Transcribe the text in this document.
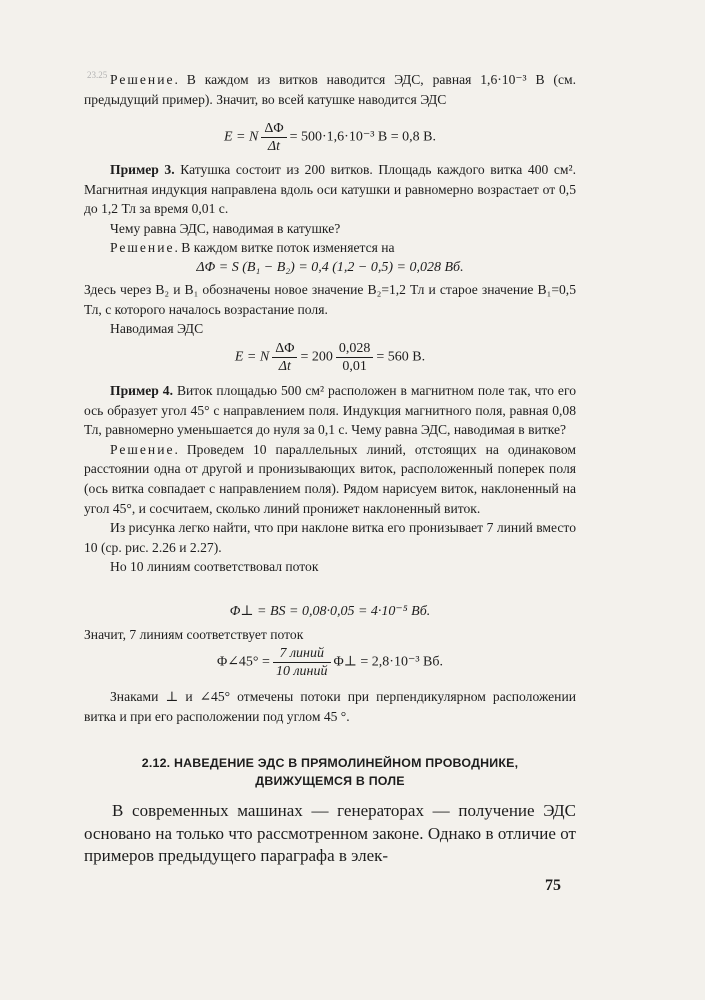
23.25 Решение. В каждом из витков наводится ЭДС, равная 1,6·10⁻³ В (см. предыдущий пример). Значит, во всей катушке наводится ЭДС

E = N $\frac{\Delta\Phi}{\Delta t} = 500\cdot 1,6\cdot 10^{-3}$ В = 0,8 В.

Пример 3. Катушка состоит из 200 витков. Площадь каждого витка 400 см². Магнитная индукция направлена вдоль оси катушки и равномерно возрастает от 0,5 до 1,2 Тл за время 0,01 с.

Чему равна ЭДС, наводимая в катушке?

Решение. В каждом витке поток изменяется на

ΔΦ = S (B₁ − B₂) = 0,4 (1,2 − 0,5) = 0,028 Вб.

Здесь через B₂ и B₁ обозначены новое значение B₂=1,2 Тл и старое значение B₁=0,5 Тл, с которого началось возрастание поля.

Наводимая ЭДС

E = N $\frac{\Delta\Phi}{\Delta t} = 200 \frac{0,028}{0,01} = 560$ В.

Пример 4. Виток площадью 500 см² расположен в магнитном поле так, что его ось образует угол 45° с направлением поля. Индукция магнитного поля, равная 0,08 Тл, равномерно уменьшается до нуля за 0,1 с. Чему равна ЭДС, наводимая в витке?

Решение. Проведем 10 параллельных линий, отстоящих на одинаковом расстоянии одна от другой и пронизывающих виток, расположенный поперек поля (ось витка совпадает с направлением поля). Рядом нарисуем виток, наклоненный на угол 45°, и сосчитаем, сколько линий пронижет наклоненный виток.

Из рисунка легко найти, что при наклоне витка его пронизывает 7 линий вместо 10 (ср. рис. 2.26 и 2.27).

Но 10 линиям соответствовал поток

Φ⊥ = BS = 0,08·0,05 = 4·10⁻⁵ Вб.

Значит, 7 линиям соответствует поток

Φ∠45° = $\frac{\text{7 линий}}{\text{10 линий}}$ Φ⊥ = 2,8·10⁻³ Вб.

Знаками ⊥ и ∠45° отмечены потоки при перпендикулярном расположении витка и при его расположении под углом 45 °.

2.12. НАВЕДЕНИЕ ЭДС В ПРЯМОЛИНЕЙНОМ ПРОВОДНИКЕ,

ДВИЖУЩЕМСЯ В ПОЛЕ

В современных машинах — генераторах — получение ЭДС основано на только что рассмотренном законе. Однако в отличие от примеров предыдущего параграфа в элек-

75
